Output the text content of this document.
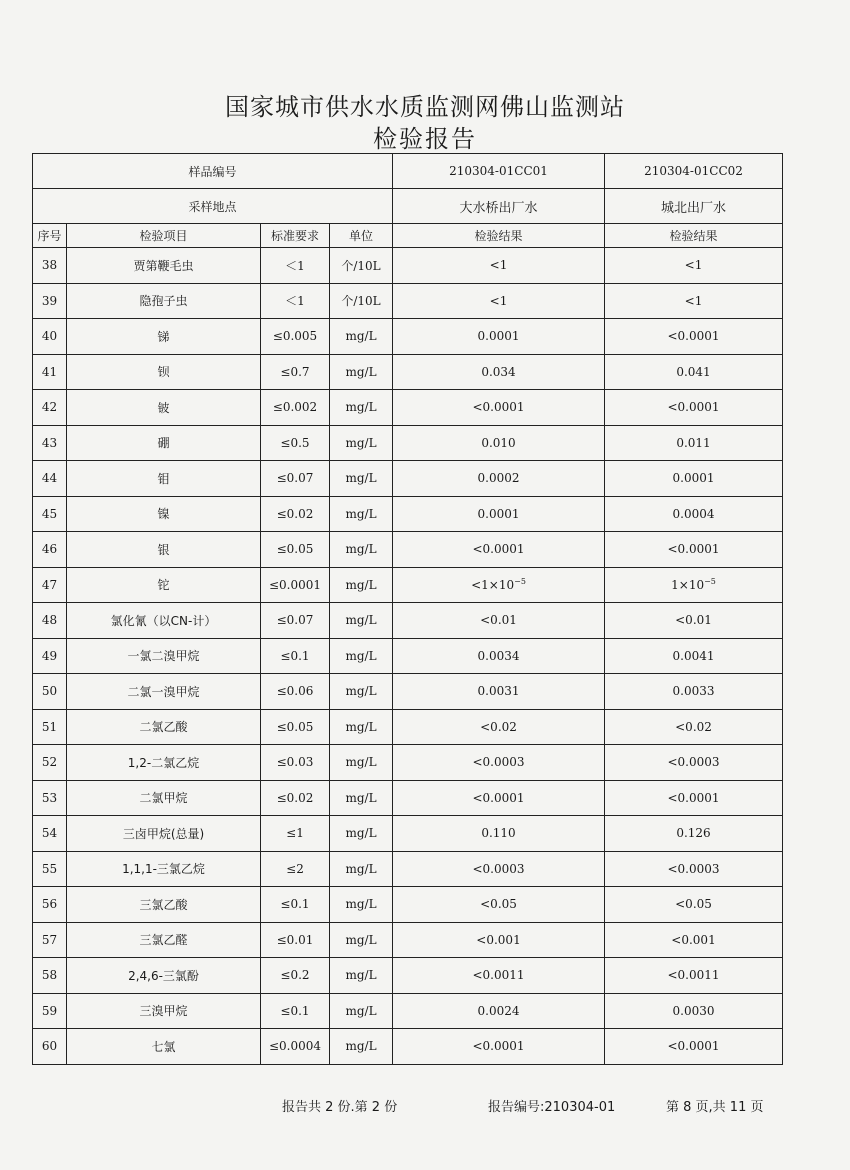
国家城市供水水质监测网佛山监测站
检验报告
样品编号				210304-01CC01	210304-01CC02
采样地点				大水桥出厂水	城北出厂水
序号	检验项目	标准要求	单位	检验结果	检验结果
38	贾第鞭毛虫	＜1	个/10L	<1	<1
39	隐孢子虫	＜1	个/10L	<1	<1
40	锑	≤0.005	mg/L	0.0001	<0.0001
41	钡	≤0.7	mg/L	0.034	0.041
42	铍	≤0.002	mg/L	<0.0001	<0.0001
43	硼	≤0.5	mg/L	0.010	0.011
44	钼	≤0.07	mg/L	0.0002	0.0001
45	镍	≤0.02	mg/L	0.0001	0.0004
46	银	≤0.05	mg/L	<0.0001	<0.0001
47	铊	≤0.0001	mg/L	$<1\times 10^{-5}$	$1\times 10^{-5}$
48	氯化氰（以CN-计）	≤0.07	mg/L	<0.01	<0.01
49	一氯二溴甲烷	≤0.1	mg/L	0.0034	0.0041
50	二氯一溴甲烷	≤0.06	mg/L	0.0031	0.0033
51	二氯乙酸	≤0.05	mg/L	<0.02	<0.02
52	1,2-二氯乙烷	≤0.03	mg/L	<0.0003	<0.0003
53	二氯甲烷	≤0.02	mg/L	<0.0001	<0.0001
54	三卤甲烷(总量)	≤1	mg/L	0.110	0.126
55	1,1,1-三氯乙烷	≤2	mg/L	<0.0003	<0.0003
56	三氯乙酸	≤0.1	mg/L	<0.05	<0.05
57	三氯乙醛	≤0.01	mg/L	<0.001	<0.001
58	2,4,6-三氯酚	≤0.2	mg/L	<0.0011	<0.0011
59	三溴甲烷	≤0.1	mg/L	0.0024	0.0030
60	七氯	≤0.0004	mg/L	<0.0001	<0.0001
报告共 2 份.第 2 份	报告编号:210304-01	第 8 页,共 11 页
